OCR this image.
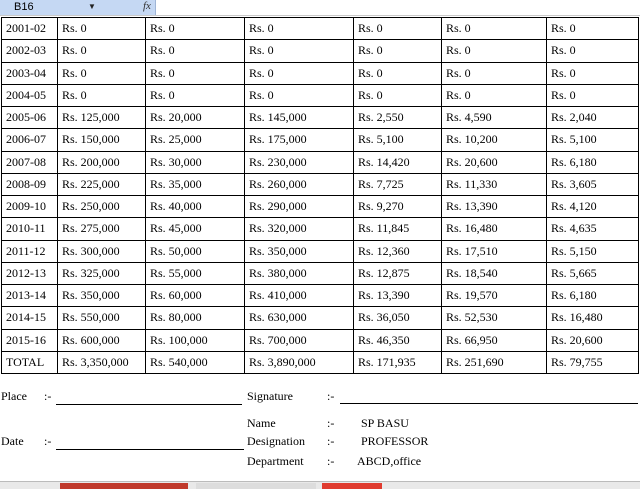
B16	▼	fx
2001-02	Rs. 0	Rs. 0	Rs. 0	Rs. 0	Rs. 0	Rs. 0
2002-03	Rs. 0	Rs. 0	Rs. 0	Rs. 0	Rs. 0	Rs. 0
2003-04	Rs. 0	Rs. 0	Rs. 0	Rs. 0	Rs. 0	Rs. 0
2004-05	Rs. 0	Rs. 0	Rs. 0	Rs. 0	Rs. 0	Rs. 0
2005-06	Rs. 125,000	Rs. 20,000	Rs. 145,000	Rs. 2,550	Rs. 4,590	Rs. 2,040
2006-07	Rs. 150,000	Rs. 25,000	Rs. 175,000	Rs. 5,100	Rs. 10,200	Rs. 5,100
2007-08	Rs. 200,000	Rs. 30,000	Rs. 230,000	Rs. 14,420	Rs. 20,600	Rs. 6,180
2008-09	Rs. 225,000	Rs. 35,000	Rs. 260,000	Rs. 7,725	Rs. 11,330	Rs. 3,605
2009-10	Rs. 250,000	Rs. 40,000	Rs. 290,000	Rs. 9,270	Rs. 13,390	Rs. 4,120
2010-11	Rs. 275,000	Rs. 45,000	Rs. 320,000	Rs. 11,845	Rs. 16,480	Rs. 4,635
2011-12	Rs. 300,000	Rs. 50,000	Rs. 350,000	Rs. 12,360	Rs. 17,510	Rs. 5,150
2012-13	Rs. 325,000	Rs. 55,000	Rs. 380,000	Rs. 12,875	Rs. 18,540	Rs. 5,665
2013-14	Rs. 350,000	Rs. 60,000	Rs. 410,000	Rs. 13,390	Rs. 19,570	Rs. 6,180
2014-15	Rs. 550,000	Rs. 80,000	Rs. 630,000	Rs. 36,050	Rs. 52,530	Rs. 16,480
2015-16	Rs. 600,000	Rs. 100,000	Rs. 700,000	Rs. 46,350	Rs. 66,950	Rs. 20,600
TOTAL	Rs. 3,350,000	Rs. 540,000	Rs. 3,890,000	Rs. 171,935	Rs. 251,690	Rs. 79,755
Place :-
Date :-
Signature	:-
Name	:- SP BASU
Designation :- PROFESSOR
Department :- ABCD,office
